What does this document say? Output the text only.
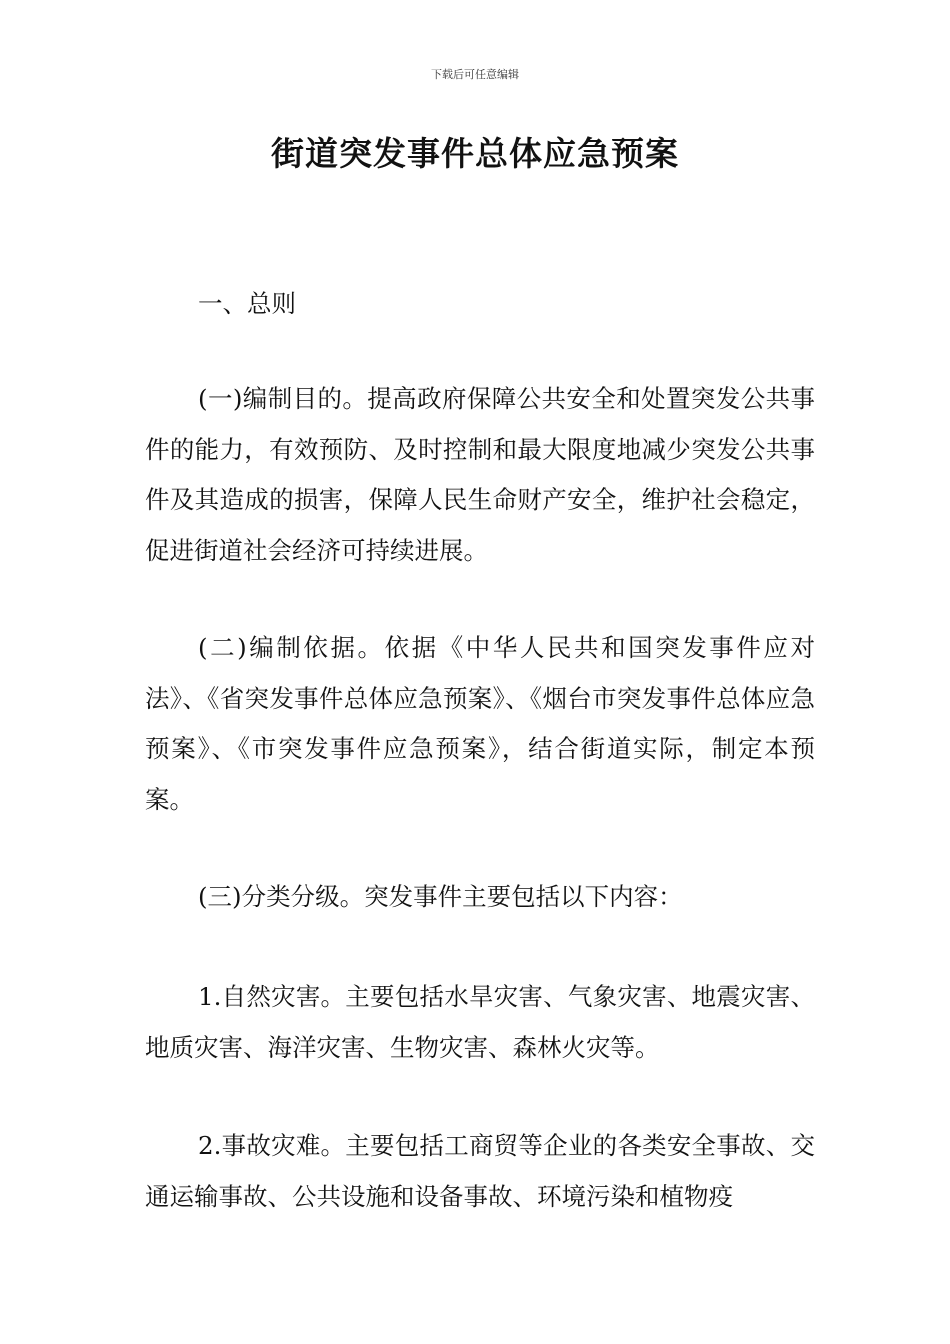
下载后可任意编辑
街道突发事件总体应急预案

一、总则

(一)编制目的。提高政府保障公共安全和处置突发公共事件的能力，有效预防、及时控制和最大限度地减少突发公共事件及其造成的损害，保障人民生命财产安全，维护社会稳定，促进街道社会经济可持续进展。

(二)编制依据。依据《中华人民共和国突发事件应对法》、《省突发事件总体应急预案》、《烟台市突发事件总体应急预案》、《市突发事件应急预案》，结合街道实际，制定本预案。

(三)分类分级。突发事件主要包括以下内容：

1.自然灾害。主要包括水旱灾害、气象灾害、地震灾害、地质灾害、海洋灾害、生物灾害、森林火灾等。

2.事故灾难。主要包括工商贸等企业的各类安全事故、交通运输事故、公共设施和设备事故、环境污染和植物疫
